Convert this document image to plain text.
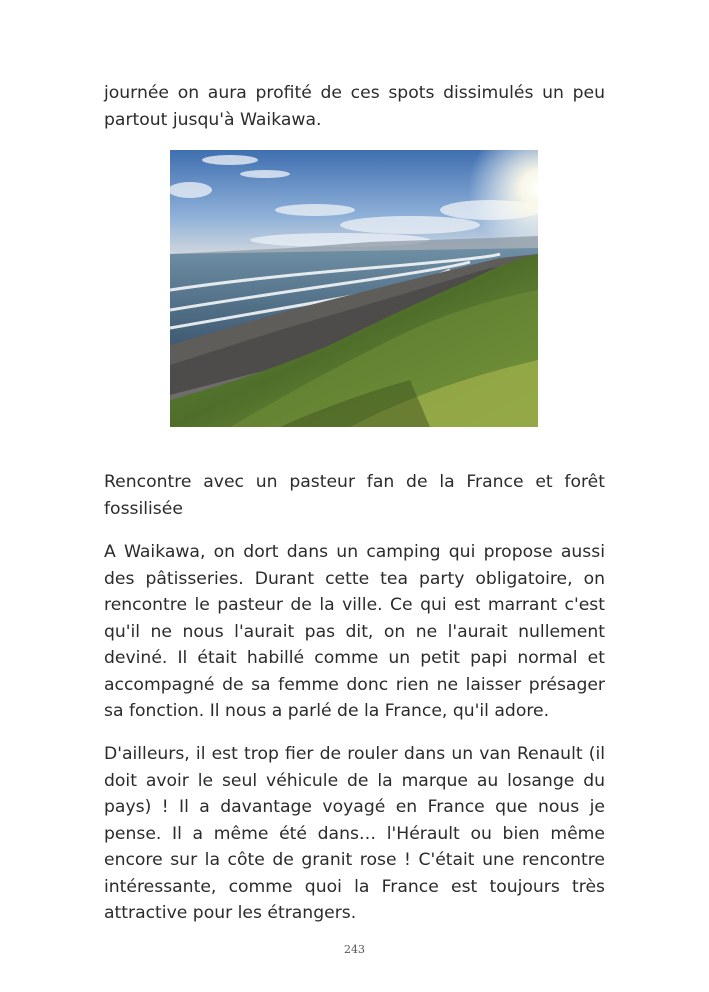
journée on aura profité de ces spots dissimulés un peu partout jusqu'à Waikawa.

Rencontre avec un pasteur fan de la France et forêt fossilisée

A Waikawa, on dort dans un camping qui propose aussi des pâtisseries. Durant cette tea party obligatoire, on rencontre le pasteur de la ville. Ce qui est marrant c'est qu'il ne nous l'aurait pas dit, on ne l'aurait nullement deviné. Il était habillé comme un petit papi normal et accompagné de sa femme donc rien ne laisser présager sa fonction. Il nous a parlé de la France, qu'il adore.

D'ailleurs, il est trop fier de rouler dans un van Renault (il doit avoir le seul véhicule de la marque au losange du pays) ! Il a davantage voyagé en France que nous je pense. Il a même été dans… l'Hérault ou bien même encore sur la côte de granit rose ! C'était une rencontre intéressante, comme quoi la France est toujours très attractive pour les étrangers.

243
